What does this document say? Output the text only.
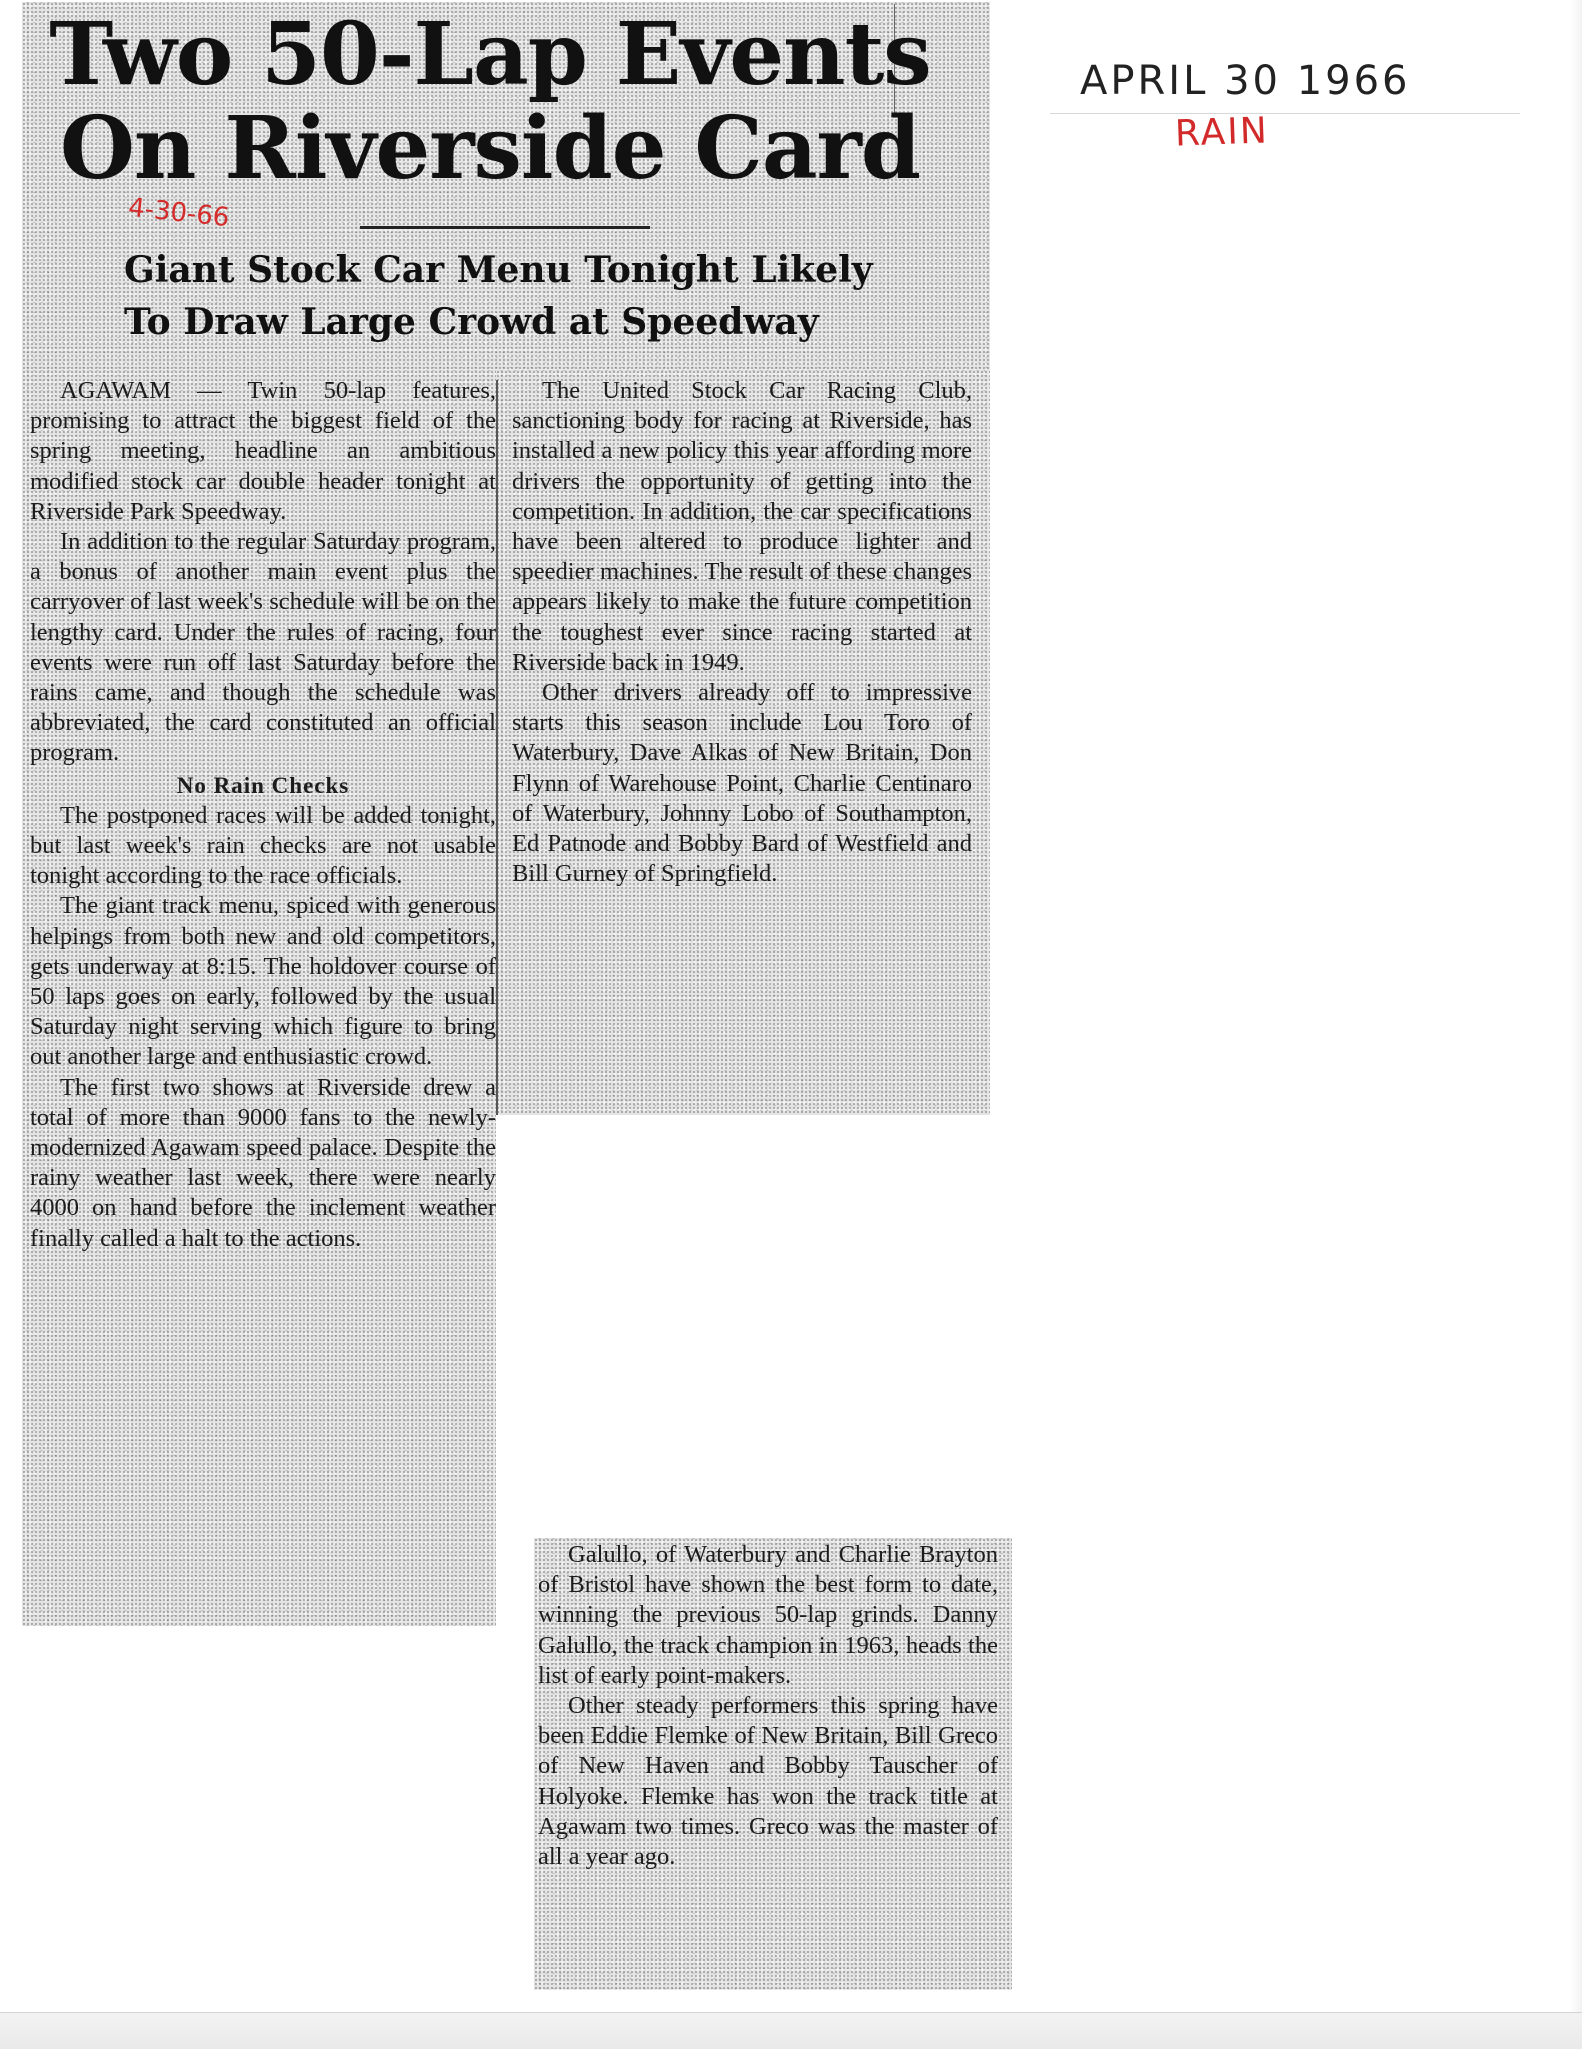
APRIL 30 1966
RAIN
Two 50-Lap Events
On Riverside Card
4-30-66
Giant Stock Car Menu Tonight Likely
To Draw Large Crowd at Speedway

AGAWAM — Twin 50-lap features, promising to attract the biggest field of the spring meeting, headline an ambitious modified stock car double header tonight at Riverside Park Speedway.

In addition to the regular Saturday program, a bonus of another main event plus the carryover of last week's schedule will be on the lengthy card. Under the rules of racing, four events were run off last Saturday before the rains came, and though the schedule was abbreviated, the card constituted an official program.

No Rain Checks

The postponed races will be added tonight, but last week's rain checks are not usable tonight according to the race officials.

The giant track menu, spiced with generous helpings from both new and old competitors, gets underway at 8:15. The holdover course of 50 laps goes on early, followed by the usual Saturday night serving which figure to bring out another large and enthusiastic crowd.

The first two shows at Riverside drew a total of more than 9000 fans to the newly-modernized Agawam speed palace. Despite the rainy weather last week, there were nearly 4000 on hand before the inclement weather finally called a halt to the actions.

The United Stock Car Racing Club, sanctioning body for racing at Riverside, has installed a new policy this year affording more drivers the opportunity of getting into the competition. In addition, the car specifications have been altered to produce lighter and speedier machines. The result of these changes appears likely to make the future competition the toughest ever since racing started at Riverside back in 1949.

Other drivers already off to impressive starts this season include Lou Toro of Waterbury, Dave Alkas of New Britain, Don Flynn of Warehouse Point, Charlie Centinaro of Waterbury, Johnny Lobo of Southampton, Ed Patnode and Bobby Bard of Westfield and Bill Gurney of Springfield.

Galullo, of Waterbury and Charlie Brayton of Bristol have shown the best form to date, winning the previous 50-lap grinds. Danny Galullo, the track champion in 1963, heads the list of early point-makers.

Other steady performers this spring have been Eddie Flemke of New Britain, Bill Greco of New Haven and Bobby Tauscher of Holyoke. Flemke has won the track title at Agawam two times. Greco was the master of all a year ago.
